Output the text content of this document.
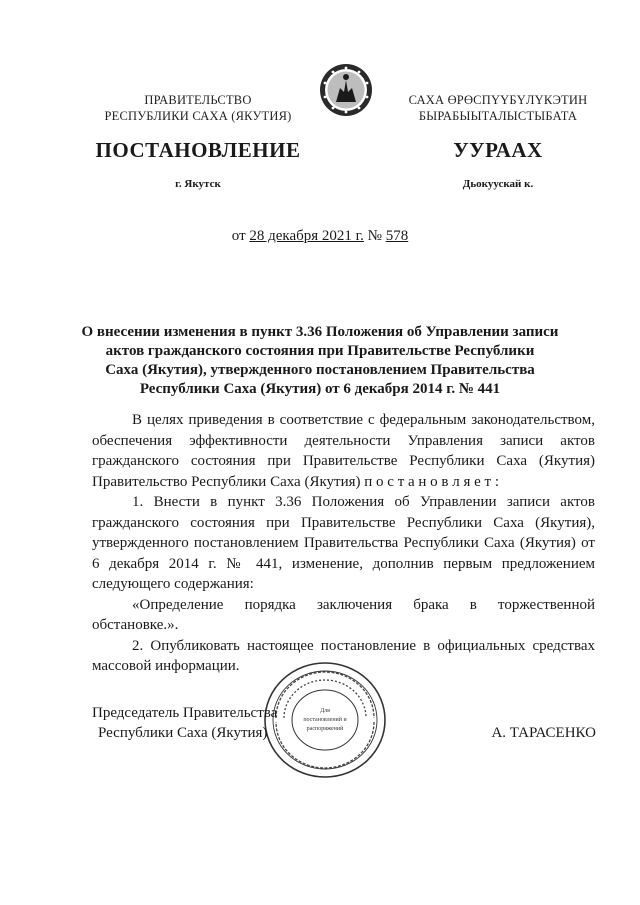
ПРАВИТЕЛЬСТВО
РЕСПУБЛИКИ САХА (ЯКУТИЯ)
САХА ӨРӨСПҮҮБҮЛҮКЭТИН
БЫРАБЫЫТАЛЫСТЫБАТА
ПОСТАНОВЛЕНИЕ	УУРААХ
г. Якутск	Дьокуускай к.
от 28 декабря 2021 г. № 578
О внесении изменения в пункт 3.36 Положения об Управлении записи
актов гражданского состояния при Правительстве Республики
Саха (Якутия), утвержденного постановлением Правительства
Республики Саха (Якутия) от 6 декабря 2014 г. № 441

В целях приведения в соответствие с федеральным законодательством, обеспечения эффективности деятельности Управления записи актов гражданского состояния при Правительстве Республики Саха (Якутия) Правительство Республики Саха (Якутия) п о с т а н о в л я е т :

1. Внести в пункт 3.36 Положения об Управлении записи актов гражданского состояния при Правительстве Республики Саха (Якутия), утвержденного постановлением Правительства Республики Саха (Якутия) от 6 декабря 2014 г. № 441, изменение, дополнив первым предложением следующего содержания:

«Определение порядка заключения брака в торжественной обстановке.».

2. Опубликовать настоящее постановление в официальных средствах массовой информации.

Для
постановлений и
распоряжений
Председатель Правительства
Республики Саха (Якутия)	А. ТАРАСЕНКО
